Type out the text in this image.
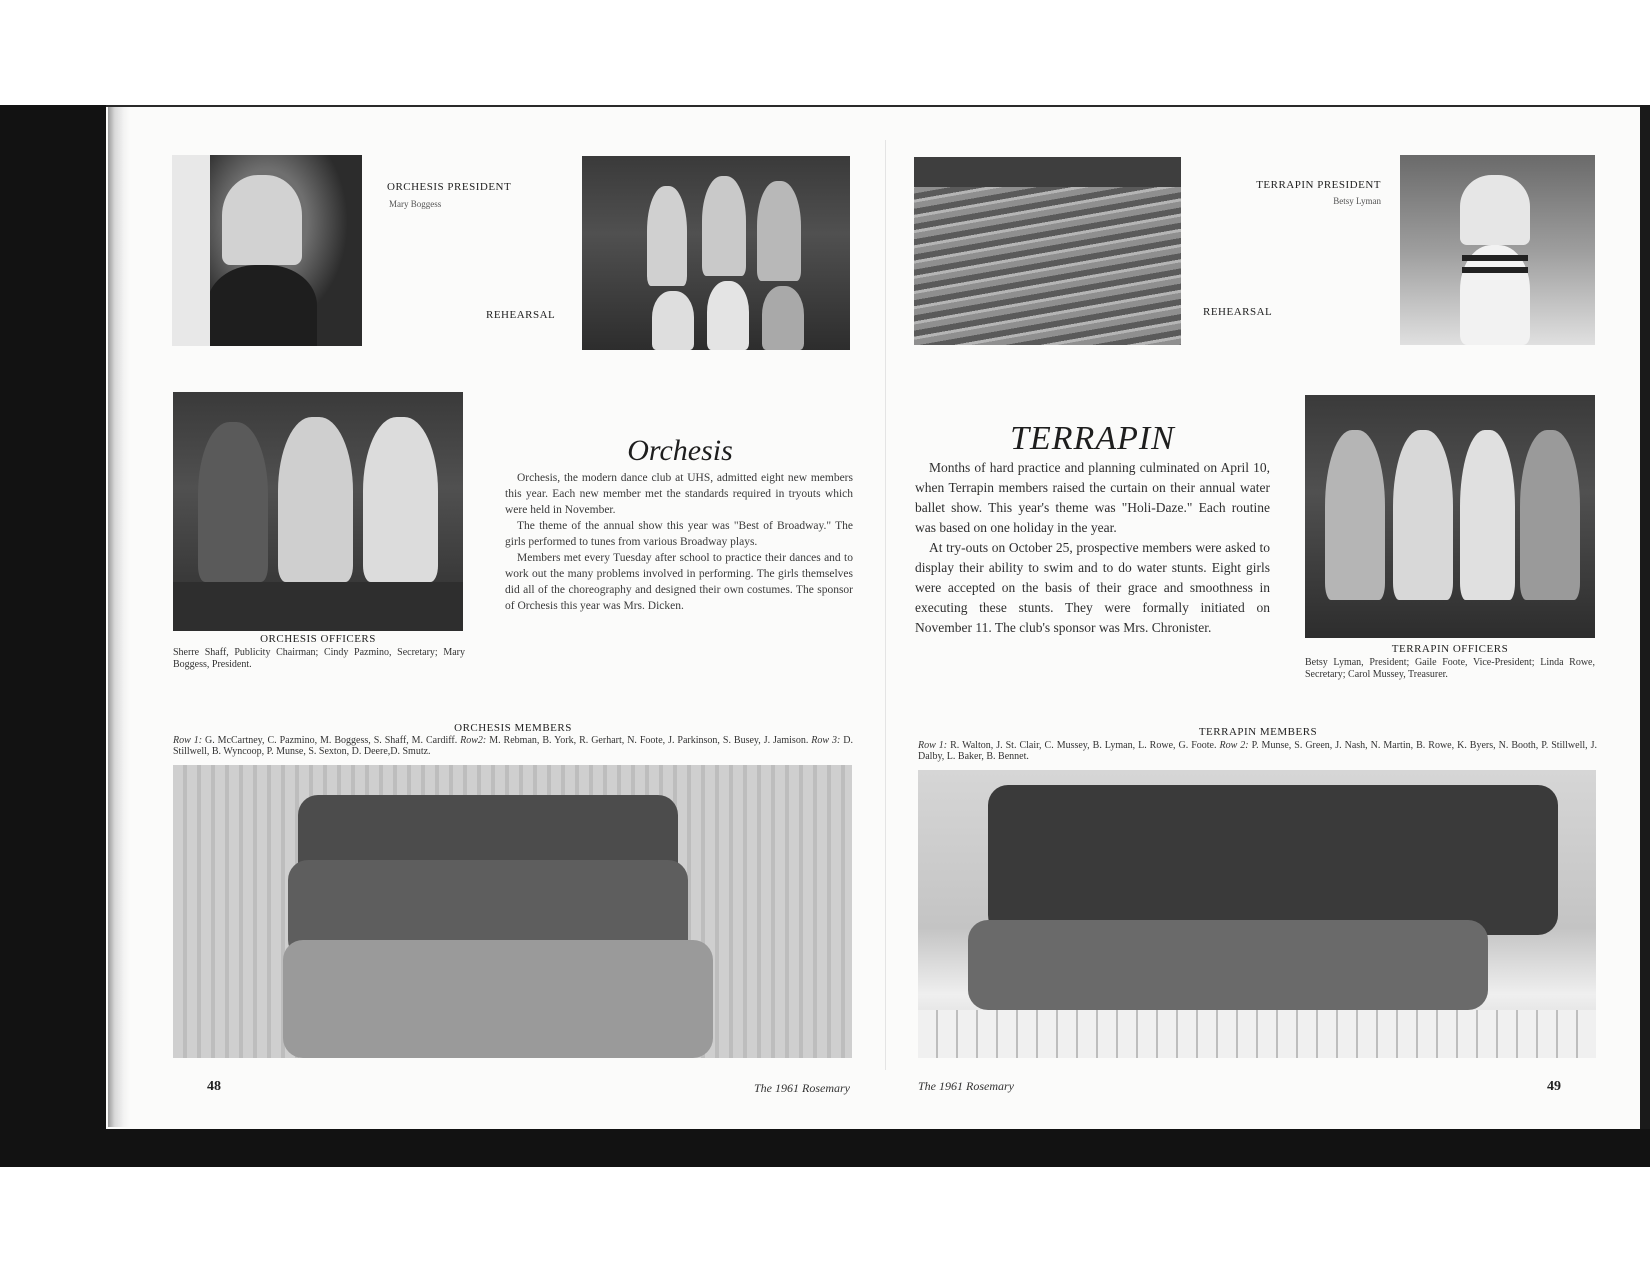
ORCHESIS PRESIDENT
Mary Boggess
REHEARSAL
ORCHESIS OFFICERS
Sherre Shaff, Publicity Chairman; Cindy Pazmino, Secretary; Mary Boggess, President.
Orchesis

Orchesis, the modern dance club at UHS, admitted eight new members this year. Each new member met the standards required in tryouts which were held in November.

The theme of the annual show this year was "Best of Broadway." The girls performed to tunes from various Broadway plays.

Members met every Tuesday after school to practice their dances and to work out the many problems involved in performing. The girls themselves did all of the choreography and designed their own costumes. The sponsor of Orchesis this year was Mrs. Dicken.

ORCHESIS MEMBERS
Row 1: G. McCartney, C. Pazmino, M. Boggess, S. Shaff, M. Cardiff. Row2: M. Rebman, B. York, R. Gerhart, N. Foote, J. Parkinson, S. Busey, J. Jamison. Row 3: D. Stillwell, B. Wyncoop, P. Munse, S. Sexton, D. Deere,D. Smutz.
48	The 1961 Rosemary
REHEARSAL
TERRAPIN PRESIDENT
Betsy Lyman
TERRAPIN

Months of hard practice and planning culminated on April 10, when Terrapin members raised the curtain on their annual water ballet show. This year's theme was "Holi-Daze." Each routine was based on one holiday in the year.

At try-outs on October 25, prospective members were asked to display their ability to swim and to do water stunts. Eight girls were accepted on the basis of their grace and smoothness in executing these stunts. They were formally initiated on November 11. The club's sponsor was Mrs. Chronister.

TERRAPIN OFFICERS
Betsy Lyman, President; Gaile Foote, Vice-President; Linda Rowe, Secretary; Carol Mussey, Treasurer.
TERRAPIN MEMBERS
Row 1: R. Walton, J. St. Clair, C. Mussey, B. Lyman, L. Rowe, G. Foote. Row 2: P. Munse, S. Green, J. Nash, N. Martin, B. Rowe, K. Byers, N. Booth, P. Stillwell, J. Dalby, L. Baker, B. Bennet.
The 1961 Rosemary	49
